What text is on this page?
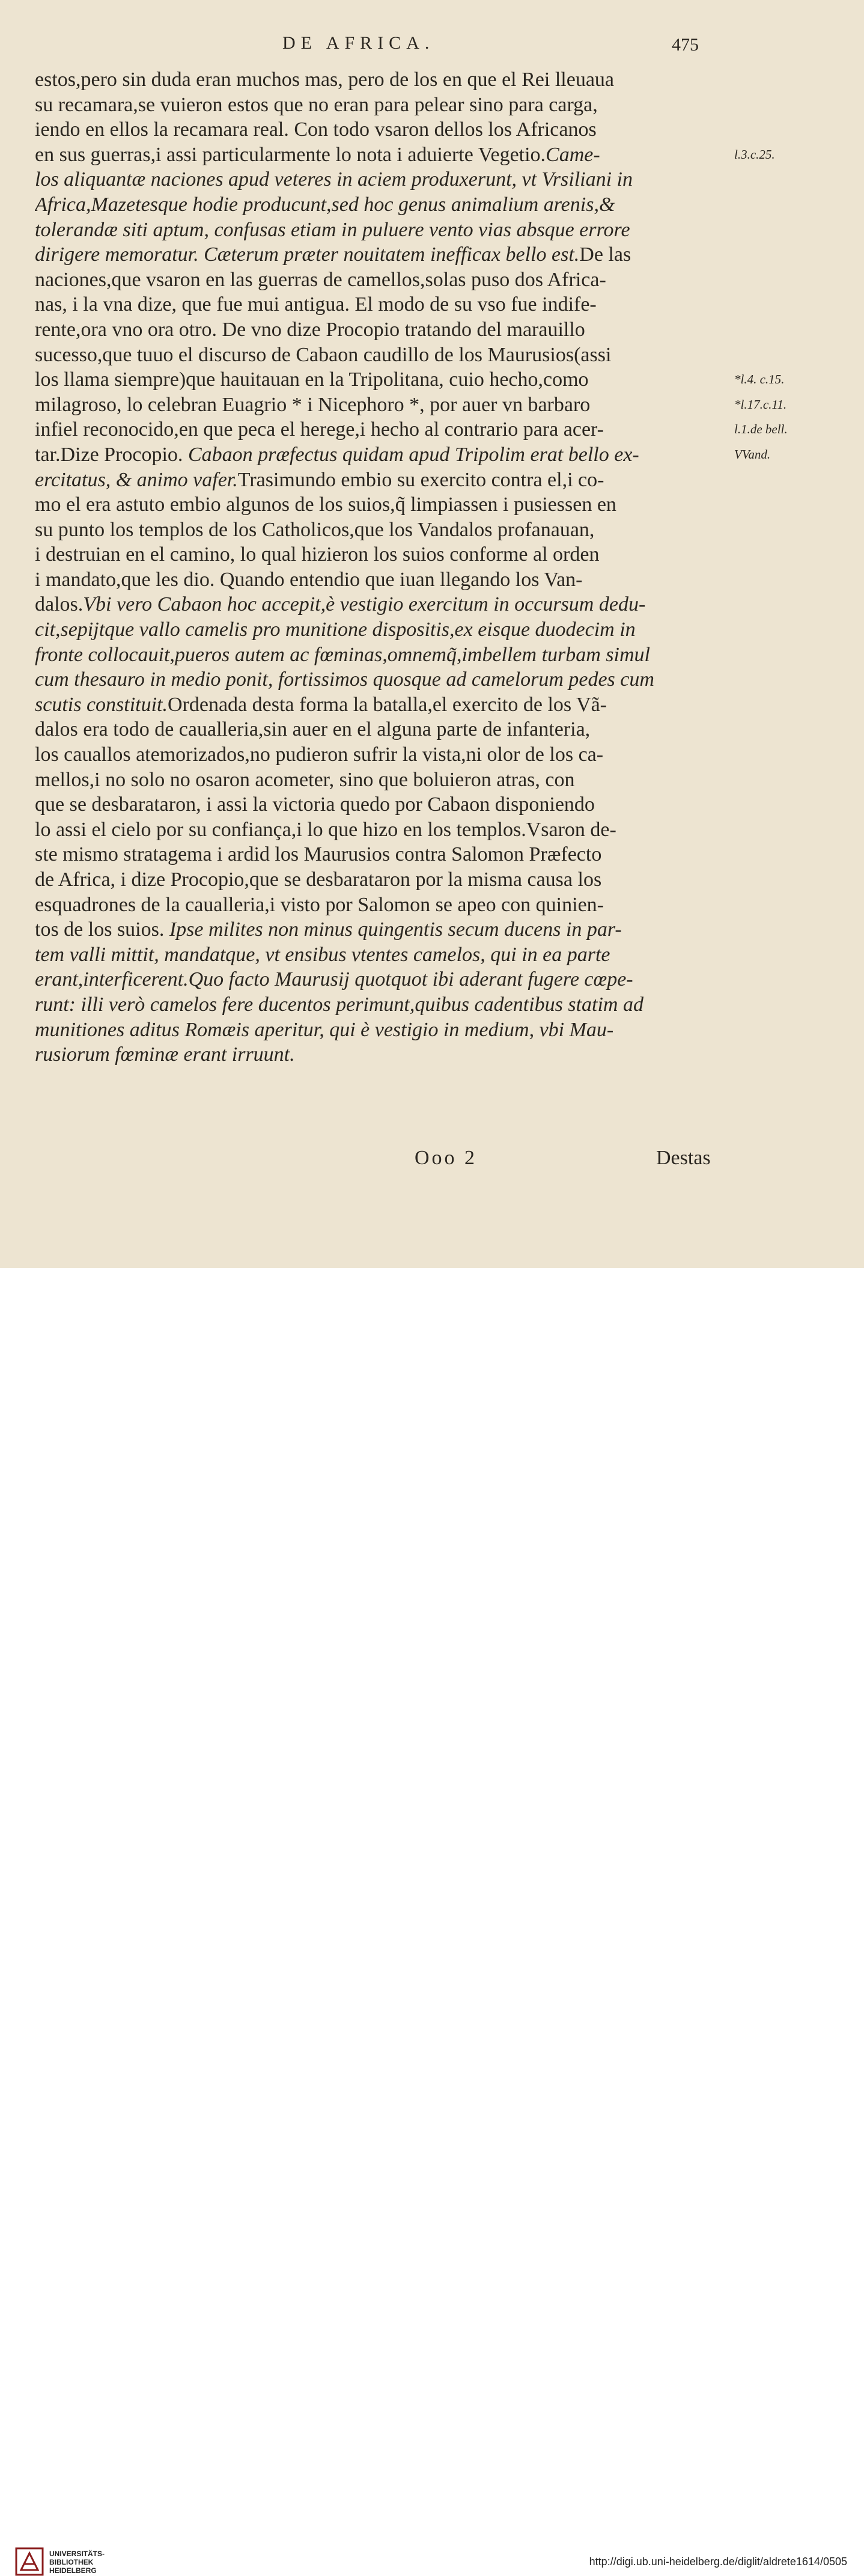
DE AFRICA.	475
estos,pero sin duda eran muchos mas, pero de los en que el Rei lleuaua
su recamara,se vuieron estos que no eran para pelear sino para carga,
iendo en ellos la recamara real. Con todo vsaron dellos los Africanos
en sus guerras,i assi particularmente lo nota i aduierte Vegetio.Came-
los aliquantæ naciones apud veteres in aciem produxerunt, vt Vrsiliani in
Africa,Mazetesque hodie producunt,sed hoc genus animalium arenis,&
tolerandæ siti aptum, confusas etiam in puluere vento vias absque errore
dirigere memoratur. Cæterum præter nouitatem inefficax bello est.De las
naciones,que vsaron en las guerras de camellos,solas puso dos Africa-
nas, i la vna dize, que fue mui antigua. El modo de su vso fue indife-
rente,ora vno ora otro. De vno dize Procopio tratando del marauillo
sucesso,que tuuo el discurso de Cabaon caudillo de los Maurusios(assi
los llama siempre)que hauitauan en la Tripolitana, cuio hecho,como
milagroso, lo celebran Euagrio * i Nicephoro *, por auer vn barbaro
infiel reconocido,en que peca el herege,i hecho al contrario para acer-
tar.Dize Procopio. Cabaon præfectus quidam apud Tripolim erat bello ex-
ercitatus, & animo vafer.Trasimundo embio su exercito contra el,i co-
mo el era astuto embio algunos de los suios,q̃ limpiassen i pusiessen en
su punto los templos de los Catholicos,que los Vandalos profanauan,
i destruian en el camino, lo qual hizieron los suios conforme al orden
i mandato,que les dio. Quando entendio que iuan llegando los Van-
dalos.Vbi vero Cabaon hoc accepit,è vestigio exercitum in occursum dedu-
cit,sepijtque vallo camelis pro munitione dispositis,ex eisque duodecim in
fronte collocauit,pueros autem ac fœminas,omnemq̃,imbellem turbam simul
cum thesauro in medio ponit, fortissimos quosque ad camelorum pedes cum
scutis constituit.Ordenada desta forma la batalla,el exercito de los Vã-
dalos era todo de caualleria,sin auer en el alguna parte de infanteria,
los cauallos atemorizados,no pudieron sufrir la vista,ni olor de los ca-
mellos,i no solo no osaron acometer, sino que boluieron atras, con
que se desbarataron, i assi la victoria quedo por Cabaon disponiendo
lo assi el cielo por su confiança,i lo que hizo en los templos.Vsaron de-
ste mismo stratagema i ardid los Maurusios contra Salomon Præfecto
de Africa, i dize Procopio,que se desbarataron por la misma causa los
esquadrones de la caualleria,i visto por Salomon se apeo con quinien-
tos de los suios. Ipse milites non minus quingentis secum ducens in par-
tem valli mittit, mandatque, vt ensibus vtentes camelos, qui in ea parte
erant,interficerent.Quo facto Maurusij quotquot ibi aderant fugere cœpe-
runt: illi verò camelos fere ducentos perimunt,quibus cadentibus statim ad
munitiones aditus Romæis aperitur, qui è vestigio in medium, vbi Mau-
rusiorum fœminæ erant irruunt.
l.3.c.25.
*l.4. c.15.
*l.17.c.11.
l.1.de bell.
VVand.
Ooo 2	Destas
UNIVERSITÄTS-
BIBLIOTHEK
HEIDELBERG
http://digi.ub.uni-heidelberg.de/diglit/aldrete1614/0505
